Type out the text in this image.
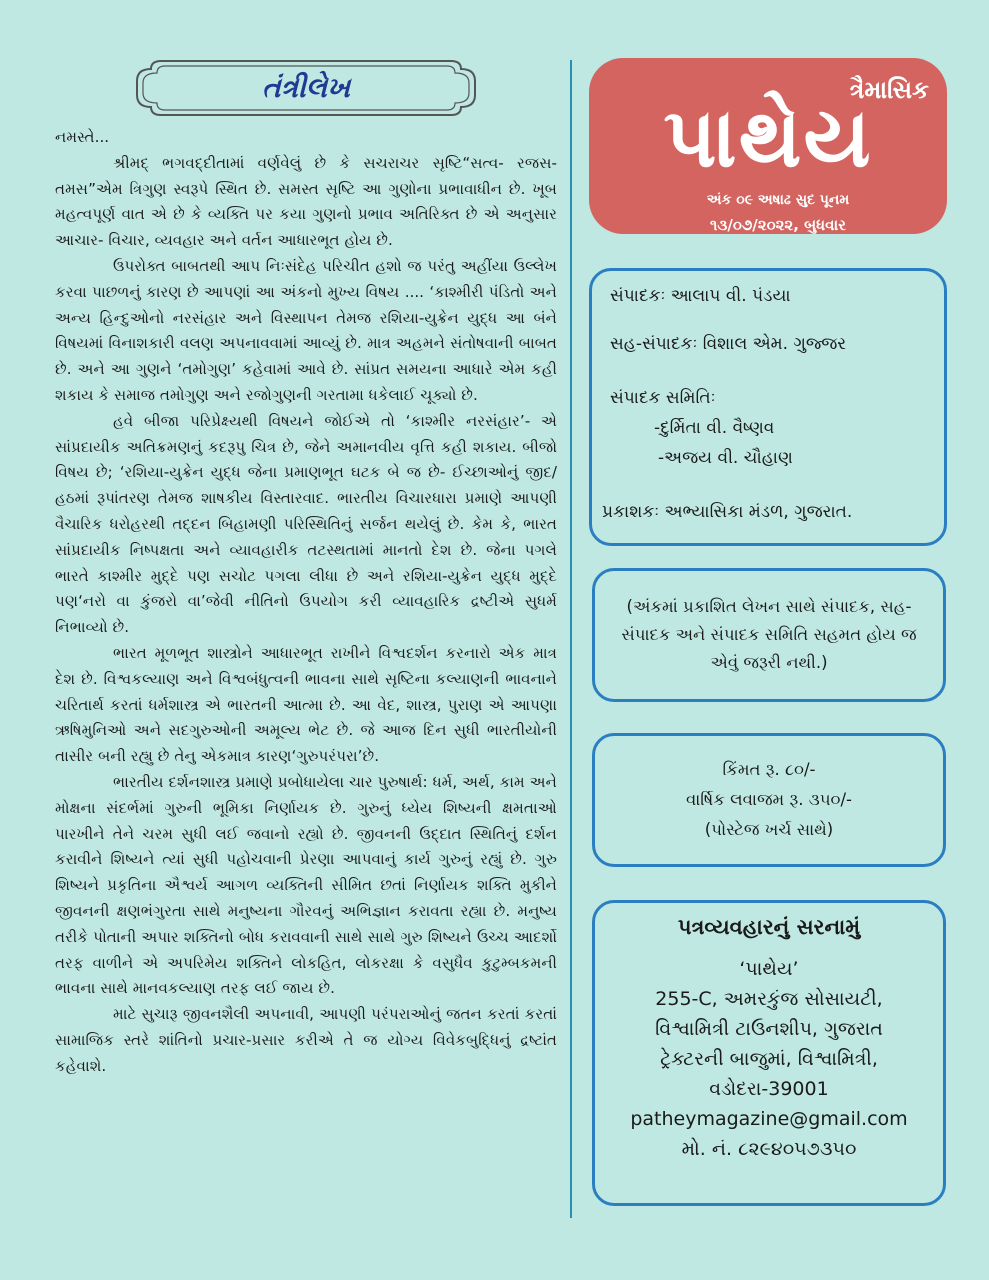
તંત્રીલેખ

નમસ્તે...

શ્રીમદ્ ભગવદ્દીતામાં વર્ણવેલું છે કે સચરાચર સૃષ્ટિ“સત્વ- રજસ-તમસ”એમ ત્રિગુણ સ્વરૂપે સ્થિત છે. સમસ્ત સૃષ્ટિ આ ગુણોના પ્રભાવાધીન છે. ખૂબ મહત્વપૂર્ણ વાત એ છે કે વ્યક્તિ પર કયા ગુણનો પ્રભાવ અતિરિક્ત છે એ અનુસાર આચાર- વિચાર, વ્યવહાર અને વર્તન આધારભૂત હોય છે.

ઉપરોક્ત બાબતથી આપ નિઃસંદેહ પરિચીત હશો જ પરંતુ અહીંયા ઉલ્લેખ કરવા પાછળનું કારણ છે આપણાં આ અંકનો મુખ્ય વિષય .... ‘કાશ્મીરી પંડિતો અને અન્ય હિન્દુઓનો નરસંહાર અને વિસ્થાપન તેમજ રશિયા-યુક્રેન યુદ્ધ આ બંને વિષયમાં વિનાશકારી વલણ અપનાવવામાં આવ્યું છે. માત્ર અહમને સંતોષવાની બાબત છે. અને આ ગુણને ‘તમોગુણ’ કહેવામાં આવે છે. સાંપ્રત સમયના આધારે એમ કહી શકાય કે સમાજ તમોગુણ અને રજોગુણની ગરતામા ધકેલાઈ ચૂક્યો છે.

હવે બીજા પરિપ્રેક્ષ્યથી વિષયને જોઈએ તો ‘કાશ્મીર નરસંહાર’- એ સાંપ્રદાયીક અતિક્રમણનું કદરૂપુ ચિત્ર છે, જેને અમાનવીય વૃત્તિ કહી શકાય. બીજો વિષય છે; ‘રશિયા-યુક્રેન યુદ્ધ જેના પ્રમાણભૂત ઘટક બે જ છે- ઈચ્છાઓનું જીદ/હઠમાં રૂપાંતરણ તેમજ શાષકીય વિસ્તારવાદ. ભારતીય વિચારધારા પ્રમાણે આપણી વૈચારિક ધરોહરથી તદ્દન બિહામણી પરિસ્થિતિનું સર્જન થયેલું છે. કેમ કે, ભારત સાંપ્રદાયીક નિષ્પક્ષતા અને વ્યાવહારીક તટસ્થતામાં માનતો દેશ છે. જેના પગલે ભારતે કાશ્મીર મુદ્દે પણ સચોટ પગલા લીધા છે અને રશિયા-યુક્રેન યુદ્ધ મુદ્દે પણ‘નરો વા કુંજરો વા’જેવી નીતિનો ઉપયોગ કરી વ્યાવહારિક દ્રષ્ટીએ સુધર્મ નિભાવ્યો છે.

ભારત મૂળભૂત શાસ્ત્રોને આધારભૂત રાખીને વિશ્વદર્શન કરનારો એક માત્ર દેશ છે. વિશ્વકલ્યાણ અને વિશ્વબંધુત્વની ભાવના સાથે સૃષ્ટિના કલ્યાણની ભાવનાને ચરિતાર્થ કરતાં ધર્મશાસ્ત્ર એ ભારતની આત્મા છે. આ વેદ, શાસ્ત્ર, પુરાણ એ આપણા ઋષિમુનિઓ અને સદગુરુઓની અમૂલ્ય ભેટ છે. જે આજ દિન સુધી ભારતીયોની તાસીર બની રહ્યુ છે તેનુ એકમાત્ર કારણ‘ગુરુપરંપરા’છે.

ભારતીય દર્શનશાસ્ત્ર પ્રમાણે પ્રબોધાયેલા ચાર પુરુષાર્થ: ધર્મ, અર્થ, કામ અને મોક્ષના સંદર્ભમાં ગુરુની ભૂમિકા નિર્ણાયક છે. ગુરુનું ધ્યેય શિષ્યની ક્ષમતાઓ પારખીને તેને ચરમ સુધી લઈ જવાનો રહ્યો છે. જીવનની ઉદ્દાત સ્થિતિનું દર્શન કરાવીને શિષ્યને ત્યાં સુધી પહોચવાની પ્રેરણા આપવાનું કાર્ય ગુરુનું રહ્યું છે. ગુરુ શિષ્યને પ્રકૃતિના ઐશ્વર્ય આગળ વ્યક્તિની સીમિત છતાં નિર્ણાયક શક્તિ મુકીને જીવનની ક્ષણભંગુરતા સાથે મનુષ્યના ગૌરવનું અભિજ્ઞાન કરાવતા રહ્યા છે. મનુષ્ય તરીકે પોતાની અપાર શક્તિનો બોધ કરાવવાની સાથે સાથે ગુરુ શિષ્યને ઉચ્ચ આદર્શો તરફ વાળીને એ અપરિમેય શક્તિને લોકહિત, લોકરક્ષા કે વસુધૈવ કુટુમ્બકમની ભાવના સાથે માનવકલ્યાણ તરફ લઈ જાય છે.

માટે સુચારૂ જીવનશૈલી અપનાવી, આપણી પરંપરાઓનું જતન કરતાં કરતાં સામાજિક સ્તરે શાંતિનો પ્રચાર-પ્રસાર કરીએ તે જ યોગ્ય વિવેકબુદ્ધિનું દ્રષ્ટાંત કહેવાશે.

ત્રૈમાસિક
પાથેય
અંક ૦૯ અષાઢ સુદ પૂનમ
૧૩/૦૭/૨૦૨૨, બુધવાર
સંપાદકઃ આલાપ વી. પંડયા
સહ-સંપાદકઃ વિશાલ એમ. ગુજ્જર
સંપાદક સમિતિઃ
-દુર્મિતા વી. વૈષ્ણવ
-અજય વી. ચૌહાણ
પ્રકાશકઃ અભ્યાસિકા મંડળ, ગુજરાત.
(અંકમાં પ્રકાશિત લેખન સાથે સંપાદક, સહ-સંપાદક અને સંપાદક સમિતિ સહમત હોય જ એવું જરૂરી નથી.)
કિંમત રૂ. ૮૦/-
વાર્ષિક લવાજમ રૂ. ૩૫૦/-
(પોસ્ટેજ ખર્ચ સાથે)
પત્રવ્યવહારનું સરનામું
‘પાથેય’
255-C, અમરકુંજ સોસાયટી,
વિશ્વામિત્રી ટાઉનશીપ, ગુજરાત
ટ્રેક્ટરની બાજુમાં, વિશ્વામિત્રી,
વડોદરા-39001
patheymagazine@gmail.com
મો. નં. ૮૨૯૪૦૫૭૩૫૦
